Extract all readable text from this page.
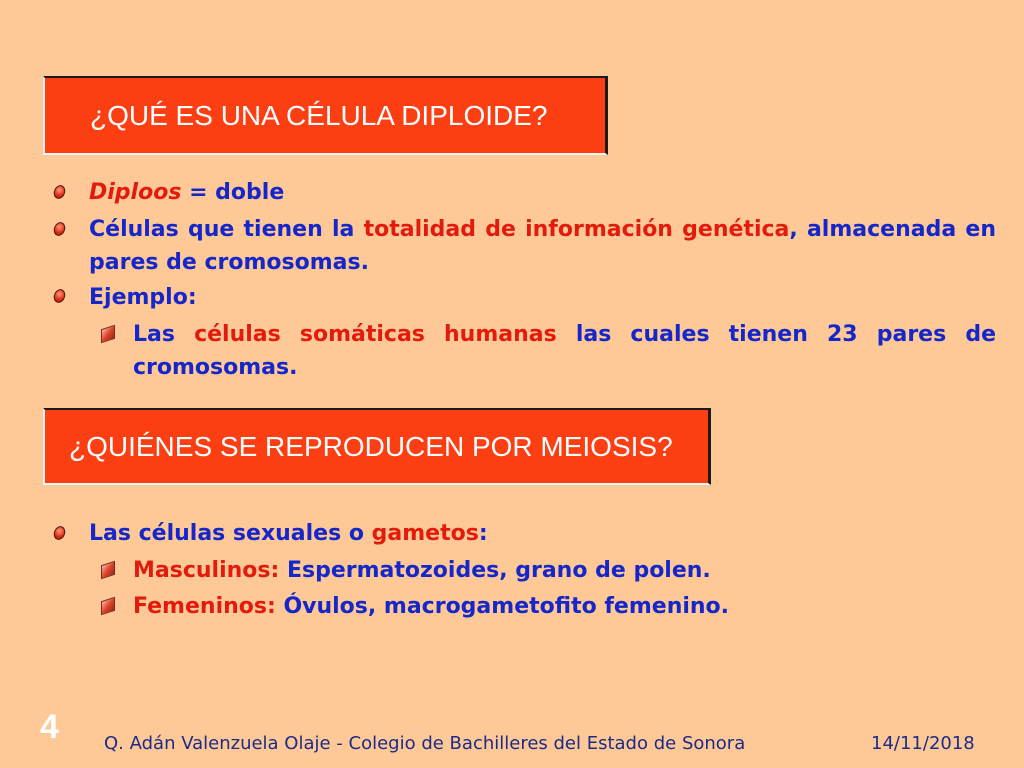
¿QUÉ ES UNA CÉLULA DIPLOIDE?
Diploos = doble
Células que tienen la totalidad de información genética, almacenada en pares de cromosomas.
Ejemplo:
Las células somáticas humanas las cuales tienen 23 pares de cromosomas.
¿QUIÉNES SE REPRODUCEN POR MEIOSIS?
Las células sexuales o gametos:
Masculinos: Espermatozoides, grano de polen.
Femeninos: Óvulos, macrogametofito femenino.
4	Q. Adán Valenzuela Olaje - Colegio de Bachilleres del Estado de Sonora	14/11/2018
